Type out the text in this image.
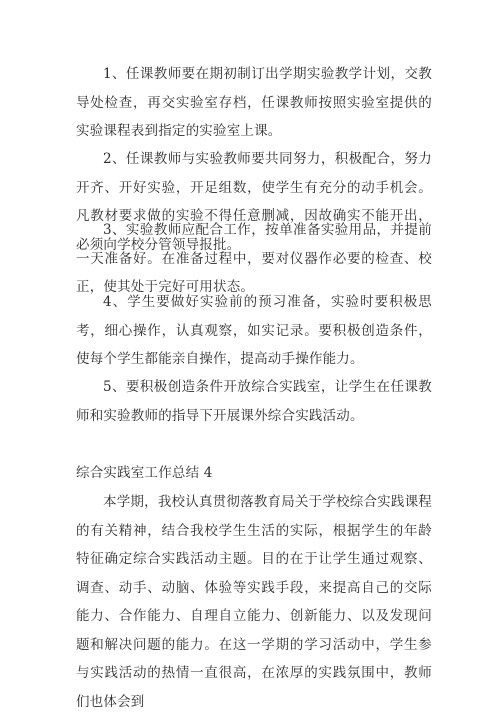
1、任课教师要在期初制订出学期实验教学计划，交教导处检查，再交实验室存档，任课教师按照实验室提供的实验课程表到指定的实验室上课。

2、任课教师与实验教师要共同努力，积极配合，努力开齐、开好实验，开足组数，使学生有充分的动手机会。凡教材要求做的实验不得任意删减，因故确实不能开出，必须向学校分管领导报批。

3、实验教师应配合工作，按单准备实验用品，并提前一天准备好。在准备过程中，要对仪器作必要的检查、校正，使其处于完好可用状态。

4、学生要做好实验前的预习准备，实验时要积极思考，细心操作，认真观察，如实记录。要积极创造条件，使每个学生都能亲自操作，提高动手操作能力。

5、要积极创造条件开放综合实践室，让学生在任课教师和实验教师的指导下开展课外综合实践活动。

综合实践室工作总结 4

本学期，我校认真贯彻落教育局关于学校综合实践课程的有关精神，结合我校学生生活的实际，根据学生的年龄特征确定综合实践活动主题。目的在于让学生通过观察、调查、动手、动脑、体验等实践手段，来提高自己的交际能力、合作能力、自理自立能力、创新能力、以及发现问题和解决问题的能力。在这一学期的学习活动中，学生参与实践活动的热情一直很高，在浓厚的实践氛围中，教师们也体会到
